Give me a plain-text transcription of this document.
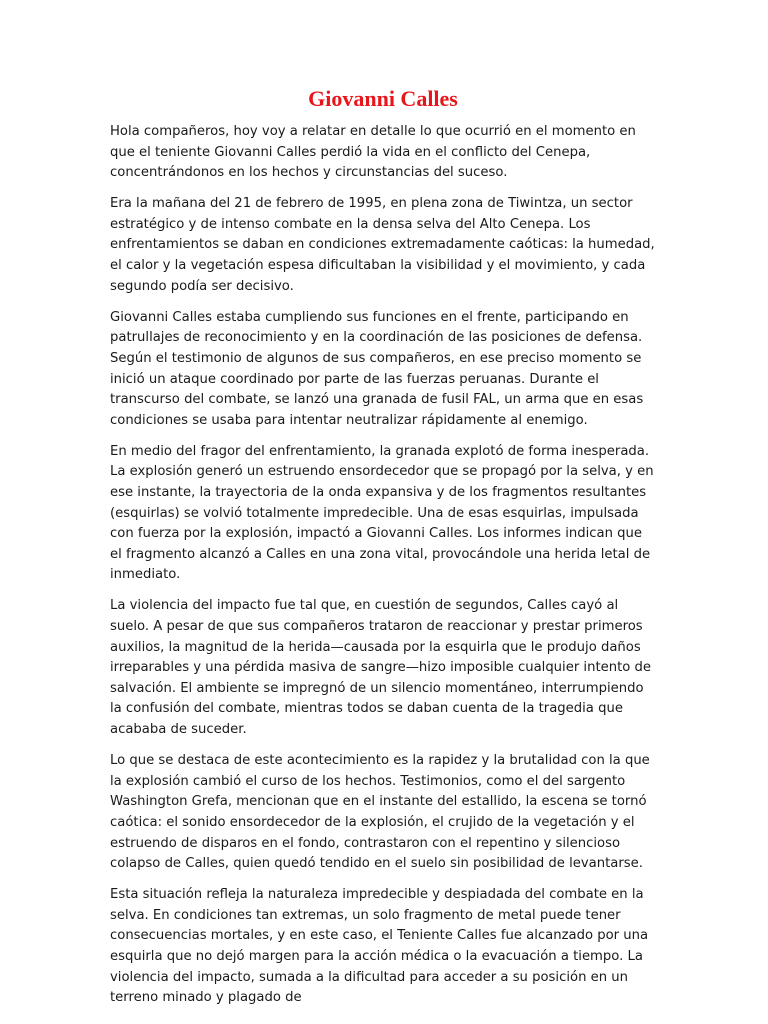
Giovanni Calles

Hola compañeros, hoy voy a relatar en detalle lo que ocurrió en el momento en que el teniente Giovanni Calles perdió la vida en el conflicto del Cenepa, concentrándonos en los hechos y circunstancias del suceso.

Era la mañana del 21 de febrero de 1995, en plena zona de Tiwintza, un sector estratégico y de intenso combate en la densa selva del Alto Cenepa. Los enfrentamientos se daban en condiciones extremadamente caóticas: la humedad, el calor y la vegetación espesa dificultaban la visibilidad y el movimiento, y cada segundo podía ser decisivo.

Giovanni Calles estaba cumpliendo sus funciones en el frente, participando en patrullajes de reconocimiento y en la coordinación de las posiciones de defensa. Según el testimonio de algunos de sus compañeros, en ese preciso momento se inició un ataque coordinado por parte de las fuerzas peruanas. Durante el transcurso del combate, se lanzó una granada de fusil FAL, un arma que en esas condiciones se usaba para intentar neutralizar rápidamente al enemigo.

En medio del fragor del enfrentamiento, la granada explotó de forma inesperada. La explosión generó un estruendo ensordecedor que se propagó por la selva, y en ese instante, la trayectoria de la onda expansiva y de los fragmentos resultantes (esquirlas) se volvió totalmente impredecible. Una de esas esquirlas, impulsada con fuerza por la explosión, impactó a Giovanni Calles. Los informes indican que el fragmento alcanzó a Calles en una zona vital, provocándole una herida letal de inmediato.

La violencia del impacto fue tal que, en cuestión de segundos, Calles cayó al suelo. A pesar de que sus compañeros trataron de reaccionar y prestar primeros auxilios, la magnitud de la herida—causada por la esquirla que le produjo daños irreparables y una pérdida masiva de sangre—hizo imposible cualquier intento de salvación. El ambiente se impregnó de un silencio momentáneo, interrumpiendo la confusión del combate, mientras todos se daban cuenta de la tragedia que acababa de suceder.

Lo que se destaca de este acontecimiento es la rapidez y la brutalidad con la que la explosión cambió el curso de los hechos. Testimonios, como el del sargento Washington Grefa, mencionan que en el instante del estallido, la escena se tornó caótica: el sonido ensordecedor de la explosión, el crujido de la vegetación y el estruendo de disparos en el fondo, contrastaron con el repentino y silencioso colapso de Calles, quien quedó tendido en el suelo sin posibilidad de levantarse.

Esta situación refleja la naturaleza impredecible y despiadada del combate en la selva. En condiciones tan extremas, un solo fragmento de metal puede tener consecuencias mortales, y en este caso, el Teniente Calles fue alcanzado por una esquirla que no dejó margen para la acción médica o la evacuación a tiempo. La violencia del impacto, sumada a la dificultad para acceder a su posición en un terreno minado y plagado de
